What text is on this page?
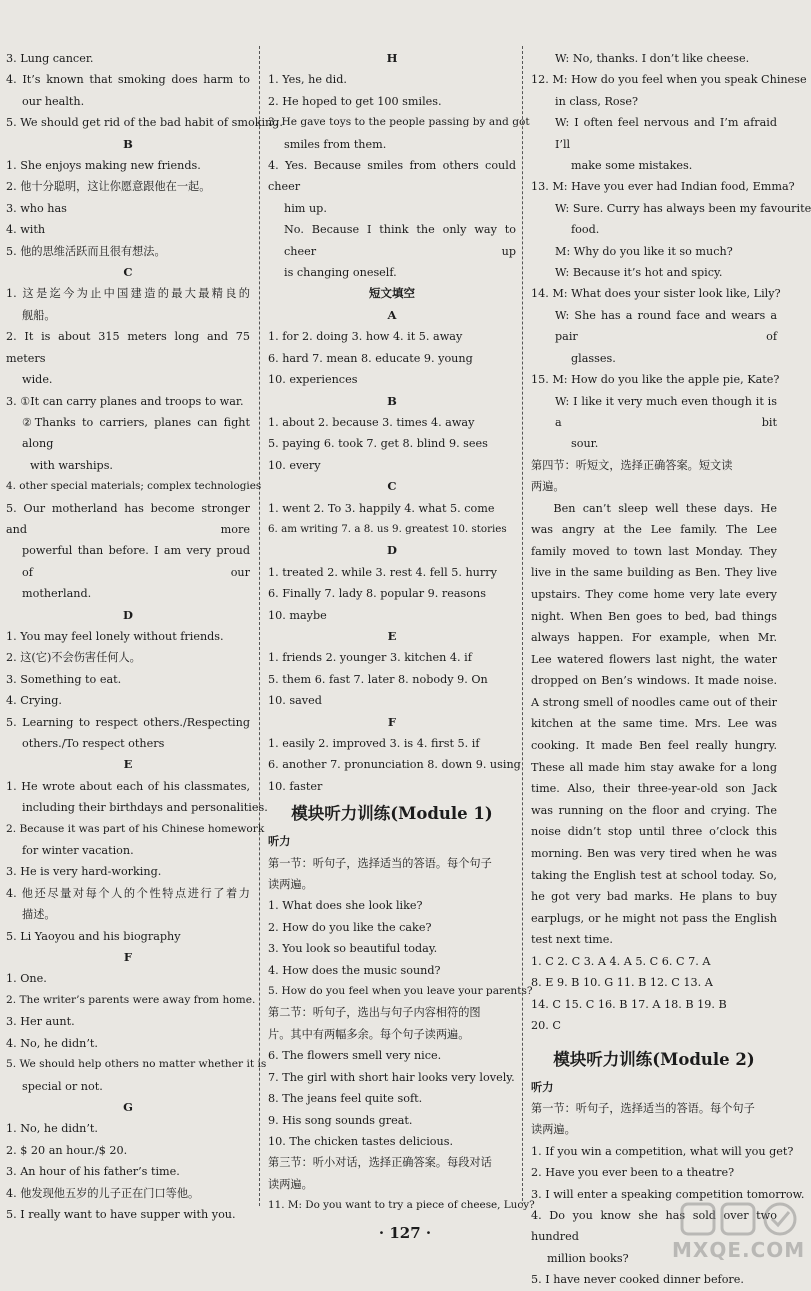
3. Lung cancer.
4. It’s known that smoking does harm to
our health.
5. We should get rid of the bad habit of smoking.
B
1. She enjoys making new friends.
2. 他十分聪明，这让你愿意跟他在一起。
3. who has
4. with
5. 他的思维活跃而且很有想法。
C
1. 这是迄今为止中国建造的最大最精良的
舰船。
2. It is about 315 meters long and 75 meters
wide.
3. ①It can carry planes and troops to war.
②Thanks to carriers, planes can fight along
with warships.
4. other special materials; complex technologies
5. Our motherland has become stronger and more
powerful than before. I am very proud of our
motherland.
D
1. You may feel lonely without friends.
2. 这(它)不会伤害任何人。
3. Something to eat.
4. Crying.
5. Learning to respect others./Respecting
others./To respect others
E
1. He wrote about each of his classmates,
including their birthdays and personalities.
2. Because it was part of his Chinese homework
for winter vacation.
3. He is very hard-working.
4. 他还尽量对每个人的个性特点进行了着力
描述。
5. Li Yaoyou and his biography
F
1. One.
2. The writer’s parents were away from home.
3. Her aunt.
4. No, he didn’t.
5. We should help others no matter whether it is
special or not.
G
1. No, he didn’t.
2. $ 20 an hour./$ 20.
3. An hour of his father’s time.
4. 他发现他五岁的儿子正在门口等他。
5. I really want to have supper with you.
H
1. Yes, he did.
2. He hoped to get 100 smiles.
3. He gave toys to the people passing by and got
smiles from them.
4. Yes. Because smiles from others could cheer
him up.
No. Because I think the only way to cheer up
is changing oneself.
短文填空
A
1. for 2. doing 3. how 4. it 5. away
6. hard 7. mean 8. educate 9. young
10. experiences
B
1. about 2. because 3. times 4. away
5. paying 6. took 7. get 8. blind 9. sees
10. every
C
1. went 2. To 3. happily 4. what 5. come
6. am writing 7. a 8. us 9. greatest 10. stories
D
1. treated 2. while 3. rest 4. fell 5. hurry
6. Finally 7. lady 8. popular 9. reasons
10. maybe
E
1. friends 2. younger 3. kitchen 4. if
5. them 6. fast 7. later 8. nobody 9. On
10. saved
F
1. easily 2. improved 3. is 4. first 5. if
6. another 7. pronunciation 8. down 9. using
10. faster
模块听力训练(Module 1)
听力
第一节：听句子，选择适当的答语。每个句子
读两遍。
1. What does she look like?
2. How do you like the cake?
3. You look so beautiful today.
4. How does the music sound?
5. How do you feel when you leave your parents?
第二节：听句子，选出与句子内容相符的图
片。其中有两幅多余。每个句子读两遍。
6. The flowers smell very nice.
7. The girl with short hair looks very lovely.
8. The jeans feel quite soft.
9. His song sounds great.
10. The chicken tastes delicious.
第三节：听小对话，选择正确答案。每段对话
读两遍。
11. M: Do you want to try a piece of cheese, Lucy?
W: No, thanks. I don’t like cheese.
12. M: How do you feel when you speak Chinese
in class, Rose?
W: I often feel nervous and I’m afraid I’ll
make some mistakes.
13. M: Have you ever had Indian food, Emma?
W: Sure. Curry has always been my favourite
food.
M: Why do you like it so much?
W: Because it’s hot and spicy.
14. M: What does your sister look like, Lily?
W: She has a round face and wears a pair of
glasses.
15. M: How do you like the apple pie, Kate?
W: I like it very much even though it is a bit
sour.
第四节：听短文，选择正确答案。短文读
两遍。
Ben can’t sleep well these days. He was angry at the Lee family. The Lee family moved to town last Monday. They live in the same building as Ben. They live upstairs. They come home very late every night. When Ben goes to bed, bad things always happen. For example, when Mr. Lee watered flowers last night, the water dropped on Ben’s windows. It made noise. A strong smell of noodles came out of their kitchen at the same time. Mrs. Lee was cooking. It made Ben feel really hungry. These all made him stay awake for a long time. Also, their three-year-old son Jack was running on the floor and crying. The noise didn’t stop until three o’clock this morning. Ben was very tired when he was taking the English test at school today. So, he got very bad marks. He plans to buy earplugs, or he might not pass the English test next time.
1. C 2. C 3. A 4. A 5. C 6. C 7. A
8. E 9. B 10. G 11. B 12. C 13. A
14. C 15. C 16. B 17. A 18. B 19. B
20. C
模块听力训练(Module 2)
听力
第一节：听句子，选择适当的答语。每个句子
读两遍。
1. If you win a competition, what will you get?
2. Have you ever been to a theatre?
3. I will enter a speaking competition tomorrow.
4. Do you know she has sold over two hundred
million books?
5. I have never cooked dinner before.
· 127 ·
MXQE.COM
